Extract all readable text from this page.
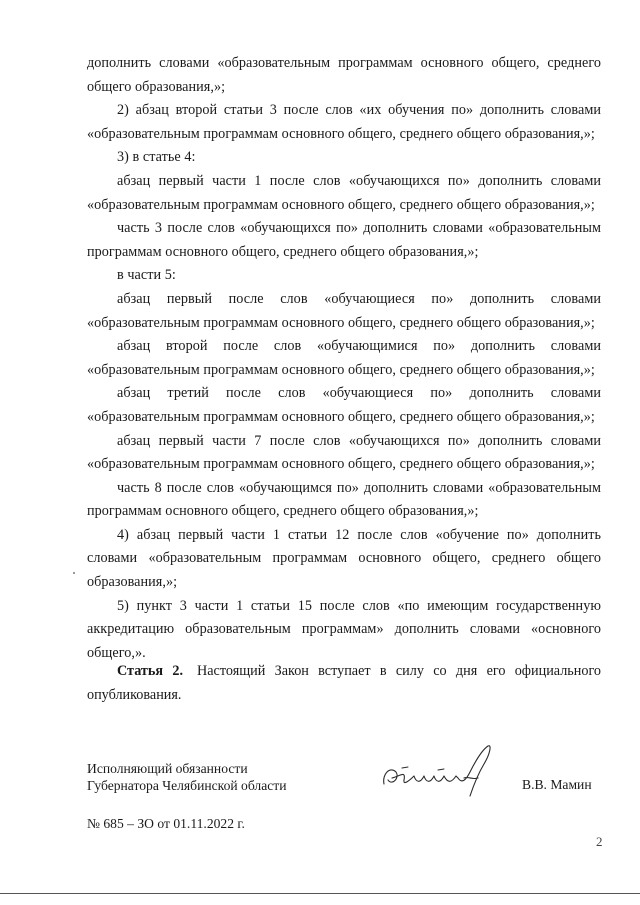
дополнить словами «образовательным программам основного общего, среднего общего образования,»;

2) абзац второй статьи 3 после слов «их обучения по» дополнить словами «образовательным программам основного общего, среднего общего образования,»;

3) в статье 4:

абзац первый части 1 после слов «обучающихся по» дополнить словами «образовательным программам основного общего, среднего общего образования,»;

часть 3 после слов «обучающихся по» дополнить словами «образовательным программам основного общего, среднего общего образования,»;

в части 5:

абзац первый после слов «обучающиеся по» дополнить словами «образовательным программам основного общего, среднего общего образования,»;

абзац второй после слов «обучающимися по» дополнить словами «образовательным программам основного общего, среднего общего образования,»;

абзац третий после слов «обучающиеся по» дополнить словами «образовательным программам основного общего, среднего общего образования,»;

абзац первый части 7 после слов «обучающихся по» дополнить словами «образовательным программам основного общего, среднего общего образования,»;

часть 8 после слов «обучающимся по» дополнить словами «образовательным программам основного общего, среднего общего образования,»;

4) абзац первый части 1 статьи 12 после слов «обучение по» дополнить словами «образовательным программам основного общего, среднего общего образования,»;

5) пункт 3 части 1 статьи 15 после слов «по имеющим государственную аккредитацию образовательным программам» дополнить словами «основного общего,».

Статья 2. Настоящий Закон вступает в силу со дня его официального опубликования.

Исполняющий обязанности
Губернатора Челябинской области	В.В. Мамин
№ 685 – ЗО от 01.11.2022 г.
2
